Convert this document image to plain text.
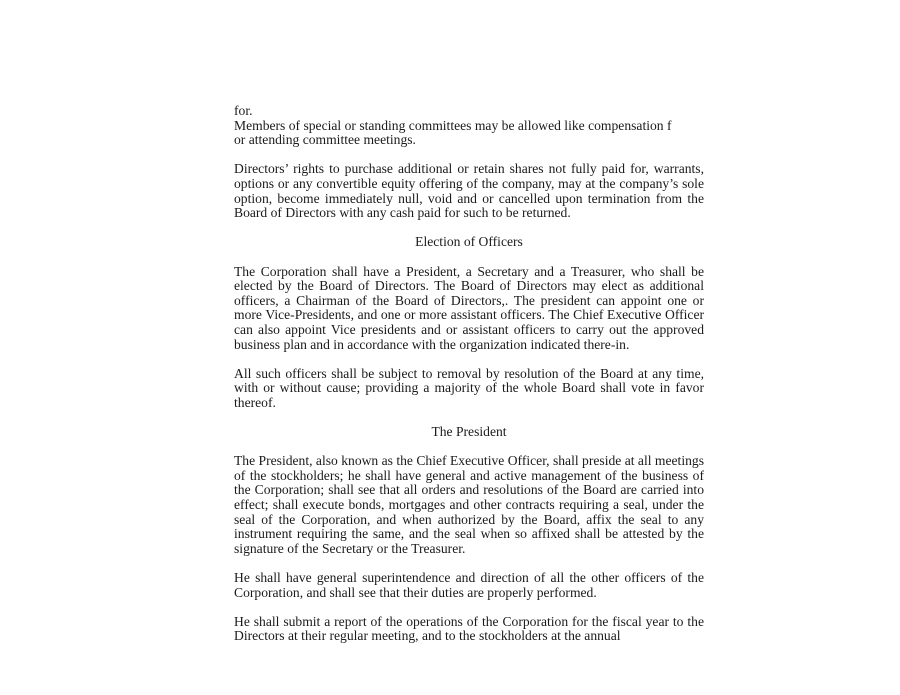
for.
Members of special or standing committees may be allowed like compensation f
or attending committee meetings.
Directors’ rights to purchase additional or retain shares not fully paid for, warrants, options or any convertible equity offering of the company, may at the company’s sole option, become immediately null, void and or cancelled upon termination from the Board of Directors with any cash paid for such to be returned.
Election of Officers
The Corporation shall have a President, a Secretary and a Treasurer, who shall be elected by the Board of Directors. The Board of Directors may elect as additional officers, a Chairman of the Board of Directors,. The president can appoint one or more Vice-Presidents, and one or more assistant officers. The Chief Executive Officer can also appoint Vice presidents and or assistant officers to carry out the approved business plan and in accordance with the organization indicated there-in.
All such officers shall be subject to removal by resolution of the Board at any time, with or without cause; providing a majority of the whole Board shall vote in favor thereof.
The President
The President, also known as the Chief Executive Officer, shall preside at all meetings of the stockholders; he shall have general and active management of the business of the Corporation; shall see that all orders and resolutions of the Board are carried into effect; shall execute bonds, mortgages and other contracts requiring a seal, under the seal of the Corporation, and when authorized by the Board, affix the seal to any instrument requiring the same, and the seal when so affixed shall be attested by the signature of the Secretary or the Treasurer.
He shall have general superintendence and direction of all the other officers of the Corporation, and shall see that their duties are properly performed.
He shall submit a report of the operations of the Corporation for the fiscal year to the Directors at their regular meeting, and to the stockholders at the annual
